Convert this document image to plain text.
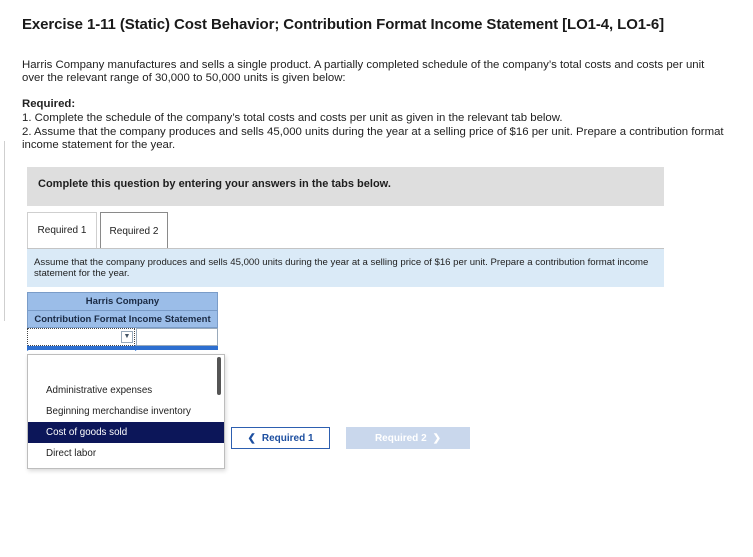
Exercise 1-11 (Static) Cost Behavior; Contribution Format Income Statement [LO1-4, LO1-6]
Harris Company manufactures and sells a single product. A partially completed schedule of the company’s total costs and costs per unit over the relevant range of 30,000 to 50,000 units is given below:
Required:
1. Complete the schedule of the company’s total costs and costs per unit as given in the relevant tab below.
2. Assume that the company produces and sells 45,000 units during the year at a selling price of $16 per unit. Prepare a contribution format income statement for the year.
Complete this question by entering your answers in the tabs below.
Required 1	Required 2
Assume that the company produces and sells 45,000 units during the year at a selling price of $16 per unit. Prepare a contribution format income statement for the year.
Harris Company
Contribution Format Income Statement
▼
Administrative expenses
Beginning merchandise inventory
Cost of goods sold
Direct labor
❮ Required 1	Required 2 ❯
